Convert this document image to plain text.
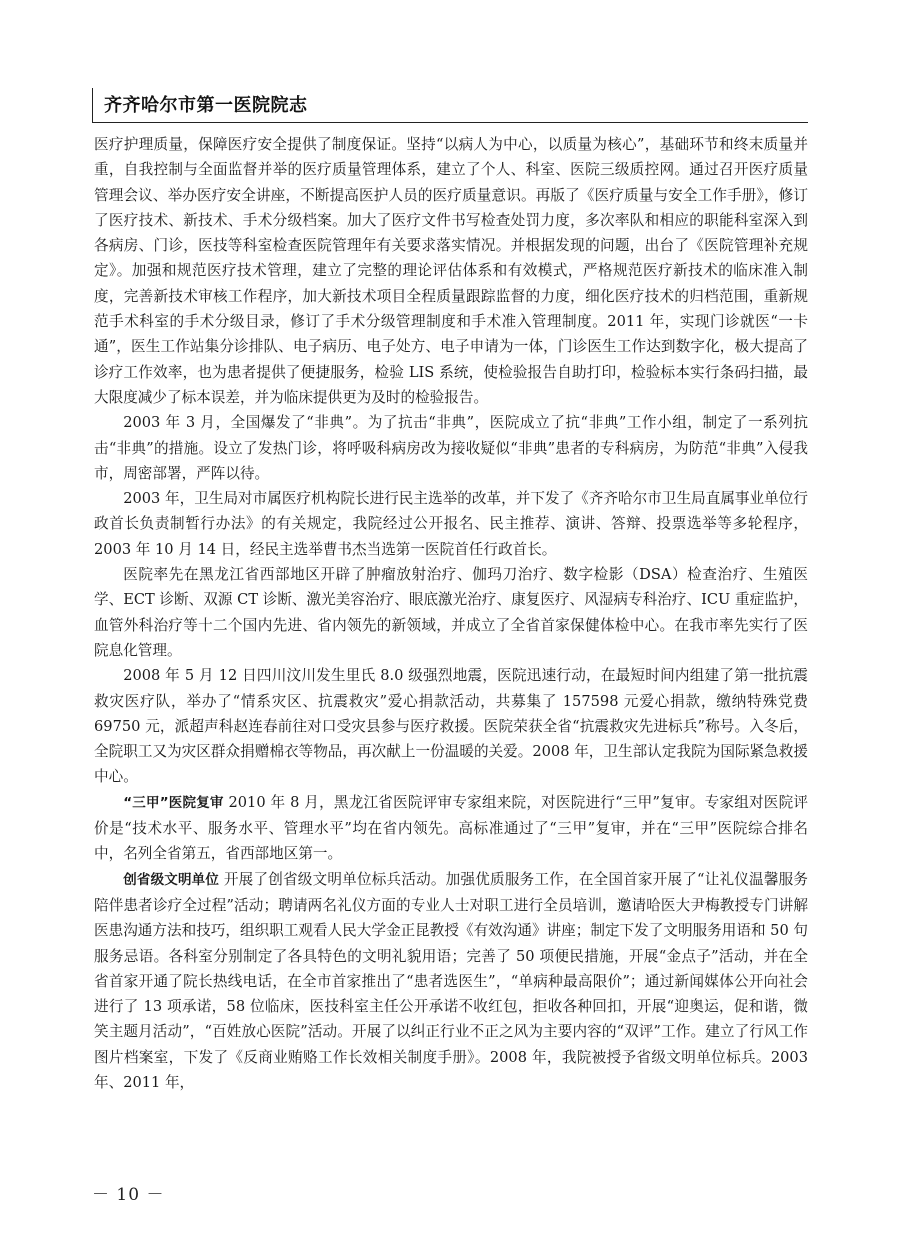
齐齐哈尔市第一医院院志

医疗护理质量，保障医疗安全提供了制度保证。坚持“以病人为中心，以质量为核心”，基础环节和终末质量并重，自我控制与全面监督并举的医疗质量管理体系，建立了个人、科室、医院三级质控网。通过召开医疗质量管理会议、举办医疗安全讲座，不断提高医护人员的医疗质量意识。再版了《医疗质量与安全工作手册》，修订了医疗技术、新技术、手术分级档案。加大了医疗文件书写检查处罚力度，多次率队和相应的职能科室深入到各病房、门诊，医技等科室检查医院管理年有关要求落实情况。并根据发现的问题，出台了《医院管理补充规定》。加强和规范医疗技术管理，建立了完整的理论评估体系和有效模式，严格规范医疗新技术的临床准入制度，完善新技术审核工作程序，加大新技术项目全程质量跟踪监督的力度，细化医疗技术的归档范围，重新规范手术科室的手术分级目录，修订了手术分级管理制度和手术准入管理制度。2011 年，实现门诊就医“一卡通”，医生工作站集分诊排队、电子病历、电子处方、电子申请为一体，门诊医生工作达到数字化，极大提高了诊疗工作效率，也为患者提供了便捷服务，检验 LIS 系统，使检验报告自助打印，检验标本实行条码扫描，最大限度减少了标本误差，并为临床提供更为及时的检验报告。

2003 年 3 月，全国爆发了“非典”。为了抗击“非典”，医院成立了抗“非典”工作小组，制定了一系列抗击“非典”的措施。设立了发热门诊，将呼吸科病房改为接收疑似“非典”患者的专科病房，为防范“非典”入侵我市，周密部署，严阵以待。

2003 年，卫生局对市属医疗机构院长进行民主选举的改革，并下发了《齐齐哈尔市卫生局直属事业单位行政首长负责制暂行办法》的有关规定，我院经过公开报名、民主推荐、演讲、答辩、投票选举等多轮程序，2003 年 10 月 14 日，经民主选举曹书杰当选第一医院首任行政首长。

医院率先在黑龙江省西部地区开辟了肿瘤放射治疗、伽玛刀治疗、数字检影（DSA）检查治疗、生殖医学、ECT 诊断、双源 CT 诊断、激光美容治疗、眼底激光治疗、康复医疗、风湿病专科治疗、ICU 重症监护，血管外科治疗等十二个国内先进、省内领先的新领域，并成立了全省首家保健体检中心。在我市率先实行了医院息化管理。

2008 年 5 月 12 日四川汶川发生里氏 8.0 级强烈地震，医院迅速行动，在最短时间内组建了第一批抗震救灾医疗队，举办了“情系灾区、抗震救灾”爱心捐款活动，共募集了 157598 元爱心捐款，缴纳特殊党费 69750 元，派超声科赵连春前往对口受灾县参与医疗救援。医院荣获全省“抗震救灾先进标兵”称号。入冬后，全院职工又为灾区群众捐赠棉衣等物品，再次献上一份温暖的关爱。2008 年，卫生部认定我院为国际紧急救援中心。

“三甲”医院复审 2010 年 8 月，黑龙江省医院评审专家组来院，对医院进行“三甲”复审。专家组对医院评价是“技术水平、服务水平、管理水平”均在省内领先。高标准通过了“三甲”复审，并在“三甲”医院综合排名中，名列全省第五，省西部地区第一。

创省级文明单位 开展了创省级文明单位标兵活动。加强优质服务工作，在全国首家开展了“让礼仪温馨服务陪伴患者诊疗全过程”活动；聘请两名礼仪方面的专业人士对职工进行全员培训，邀请哈医大尹梅教授专门讲解医患沟通方法和技巧，组织职工观看人民大学金正昆教授《有效沟通》讲座；制定下发了文明服务用语和 50 句服务忌语。各科室分别制定了各具特色的文明礼貌用语；完善了 50 项便民措施，开展“金点子”活动，并在全省首家开通了院长热线电话，在全市首家推出了“患者选医生”，“单病种最高限价”；通过新闻媒体公开向社会进行了 13 项承诺，58 位临床，医技科室主任公开承诺不收红包，拒收各种回扣，开展“迎奥运，促和谐，微笑主题月活动”，“百姓放心医院”活动。开展了以纠正行业不正之风为主要内容的“双评”工作。建立了行风工作图片档案室，下发了《反商业贿赂工作长效相关制度手册》。2008 年，我院被授予省级文明单位标兵。2003 年、2011 年，

－ 10 －
